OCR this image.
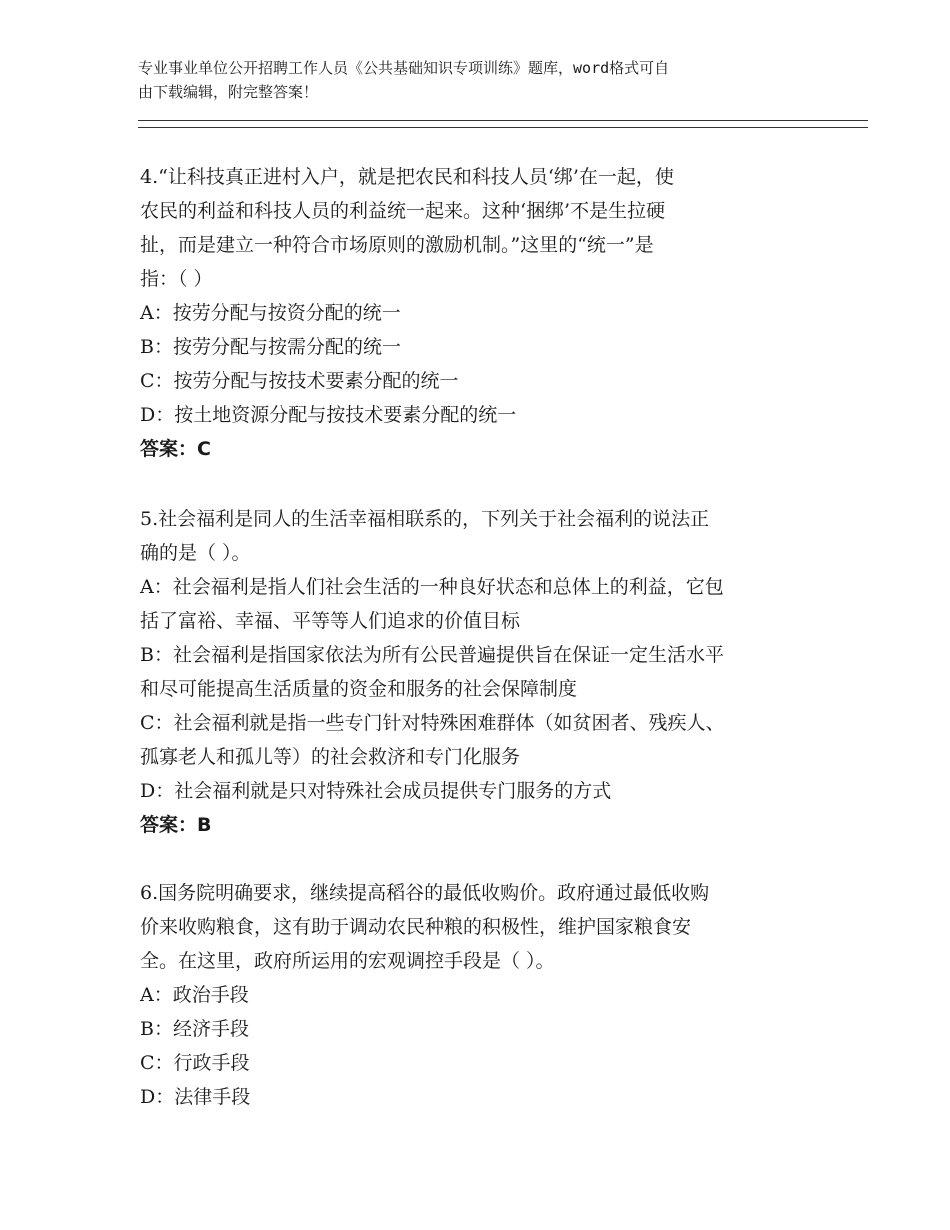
专业事业单位公开招聘工作人员《公共基础知识专项训练》题库，word格式可自
由下载编辑，附完整答案！

4.“让科技真正进村入户，就是把农民和科技人员‘绑’在一起，使

农民的利益和科技人员的利益统一起来。这种‘捆绑’不是生拉硬

扯，而是建立一种符合市场原则的激励机制。”这里的“统一”是

指：（ ）

A：按劳分配与按资分配的统一

B：按劳分配与按需分配的统一

C：按劳分配与按技术要素分配的统一

D：按土地资源分配与按技术要素分配的统一

答案：C

5.社会福利是同人的生活幸福相联系的，下列关于社会福利的说法正

确的是（ ）。

A：社会福利是指人们社会生活的一种良好状态和总体上的利益，它包

括了富裕、幸福、平等等人们追求的价值目标

B：社会福利是指国家依法为所有公民普遍提供旨在保证一定生活水平

和尽可能提高生活质量的资金和服务的社会保障制度

C：社会福利就是指一些专门针对特殊困难群体（如贫困者、残疾人、

孤寡老人和孤儿等）的社会救济和专门化服务

D：社会福利就是只对特殊社会成员提供专门服务的方式

答案：B

6.国务院明确要求，继续提高稻谷的最低收购价。政府通过最低收购

价来收购粮食，这有助于调动农民种粮的积极性，维护国家粮食安

全。在这里，政府所运用的宏观调控手段是（ ）。

A：政治手段

B：经济手段

C：行政手段

D：法律手段
